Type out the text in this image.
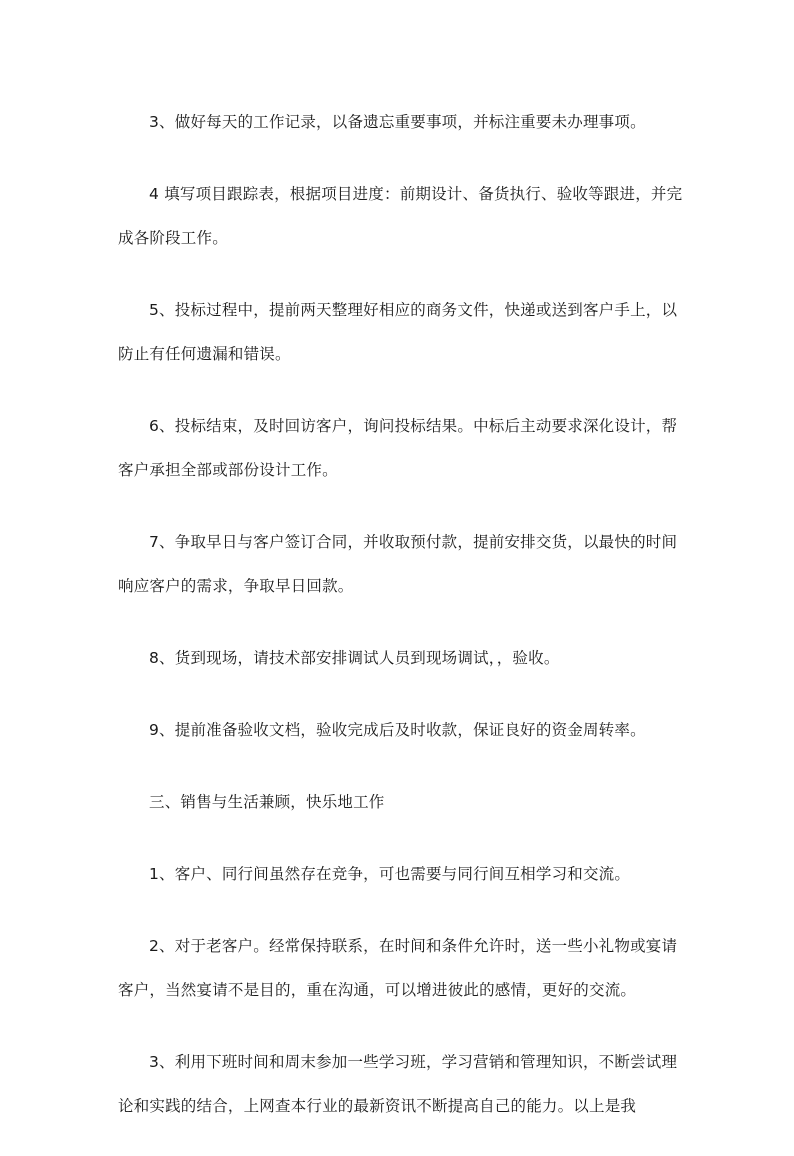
3、做好每天的工作记录，以备遗忘重要事项，并标注重要未办理事项。

4 填写项目跟踪表，根据项目进度：前期设计、备货执行、验收等跟进，并完成各阶段工作。

5、投标过程中，提前两天整理好相应的商务文件，快递或送到客户手上，以防止有任何遗漏和错误。

6、投标结束，及时回访客户，询问投标结果。中标后主动要求深化设计，帮客户承担全部或部份设计工作。

7、争取早日与客户签订合同，并收取预付款，提前安排交货，以最快的时间响应客户的需求，争取早日回款。

8、货到现场，请技术部安排调试人员到现场调试，，验收。

9、提前准备验收文档，验收完成后及时收款，保证良好的资金周转率。

三、销售与生活兼顾，快乐地工作

1、客户、同行间虽然存在竞争，可也需要与同行间互相学习和交流。

2、对于老客户。经常保持联系，在时间和条件允许时，送一些小礼物或宴请客户，当然宴请不是目的，重在沟通，可以增进彼此的感情，更好的交流。

3、利用下班时间和周末参加一些学习班，学习营销和管理知识，不断尝试理论和实践的结合，上网查本行业的最新资讯不断提高自己的能力。以上是我
